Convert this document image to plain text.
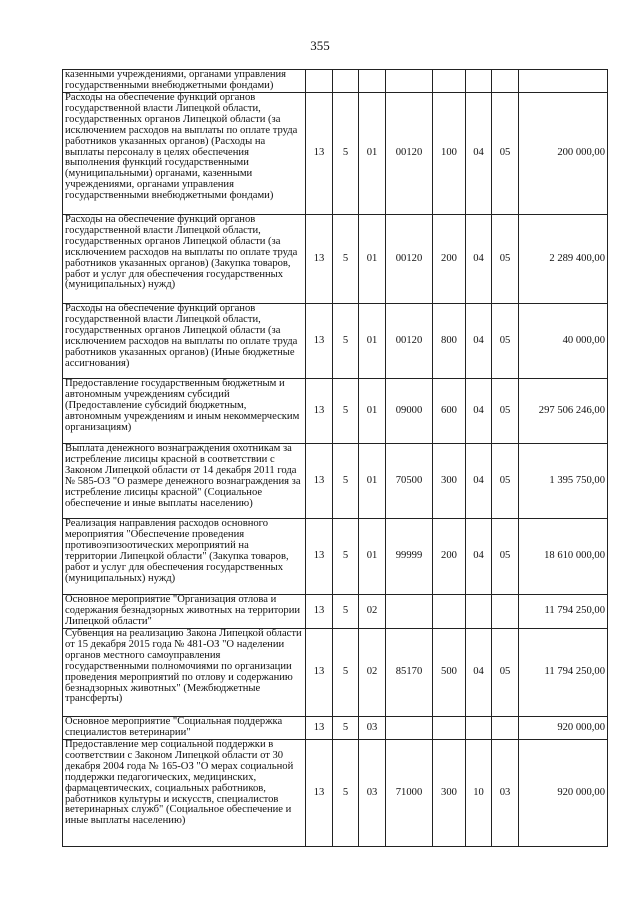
355
казенными учреждениями, органами управления государственными внебюджетными фондами)								
Расходы на обеспечение функций органов государственной власти Липецкой области, государственных органов Липецкой области (за исключением расходов на выплаты по оплате труда работников указанных органов) (Расходы на выплаты персоналу в целях обеспечения выполнения функций государственными (муниципальными) органами, казенными учреждениями, органами управления государственными внебюджетными фондами)	13	5	01	00120	100	04	05	200 000,00
Расходы на обеспечение функций органов государственной власти Липецкой области, государственных органов Липецкой области (за исключением расходов на выплаты по оплате труда работников указанных органов) (Закупка товаров, работ и услуг для обеспечения государственных (муниципальных) нужд)	13	5	01	00120	200	04	05	2 289 400,00
Расходы на обеспечение функций органов государственной власти Липецкой области, государственных органов Липецкой области (за исключением расходов на выплаты по оплате труда работников указанных органов) (Иные бюджетные ассигнования)	13	5	01	00120	800	04	05	40 000,00
Предоставление государственным бюджетным и автономным учреждениям субсидий (Предоставление субсидий бюджетным, автономным учреждениям и иным некоммерческим организациям)	13	5	01	09000	600	04	05	297 506 246,00
Выплата денежного вознаграждения охотникам за истребление лисицы красной в соответствии с Законом Липецкой области от 14 декабря 2011 года № 585-ОЗ "О размере денежного вознаграждения за истребление лисицы красной" (Социальное обеспечение и иные выплаты населению)	13	5	01	70500	300	04	05	1 395 750,00
Реализация направления расходов основного мероприятия "Обеспечение проведения противоэпизоотических мероприятий на территории Липецкой области" (Закупка товаров, работ и услуг для обеспечения государственных (муниципальных) нужд)	13	5	01	99999	200	04	05	18 610 000,00
Основное мероприятие "Организация отлова и содержания безнадзорных животных на территории Липецкой области"	13	5	02					11 794 250,00
Субвенция на реализацию Закона Липецкой области от 15 декабря 2015 года № 481-ОЗ "О наделении органов местного самоуправления государственными полномочиями по организации проведения мероприятий по отлову и содержанию безнадзорных животных" (Межбюджетные трансферты)	13	5	02	85170	500	04	05	11 794 250,00
Основное мероприятие "Социальная поддержка специалистов ветеринарии"	13	5	03					920 000,00
Предоставление мер социальной поддержки в соответствии с Законом Липецкой области от 30 декабря 2004 года № 165-ОЗ "О мерах социальной поддержки педагогических, медицинских, фармацевтических, социальных работников, работников культуры и искусств, специалистов ветеринарных служб" (Социальное обеспечение и иные выплаты населению)	13	5	03	71000	300	10	03	920 000,00
